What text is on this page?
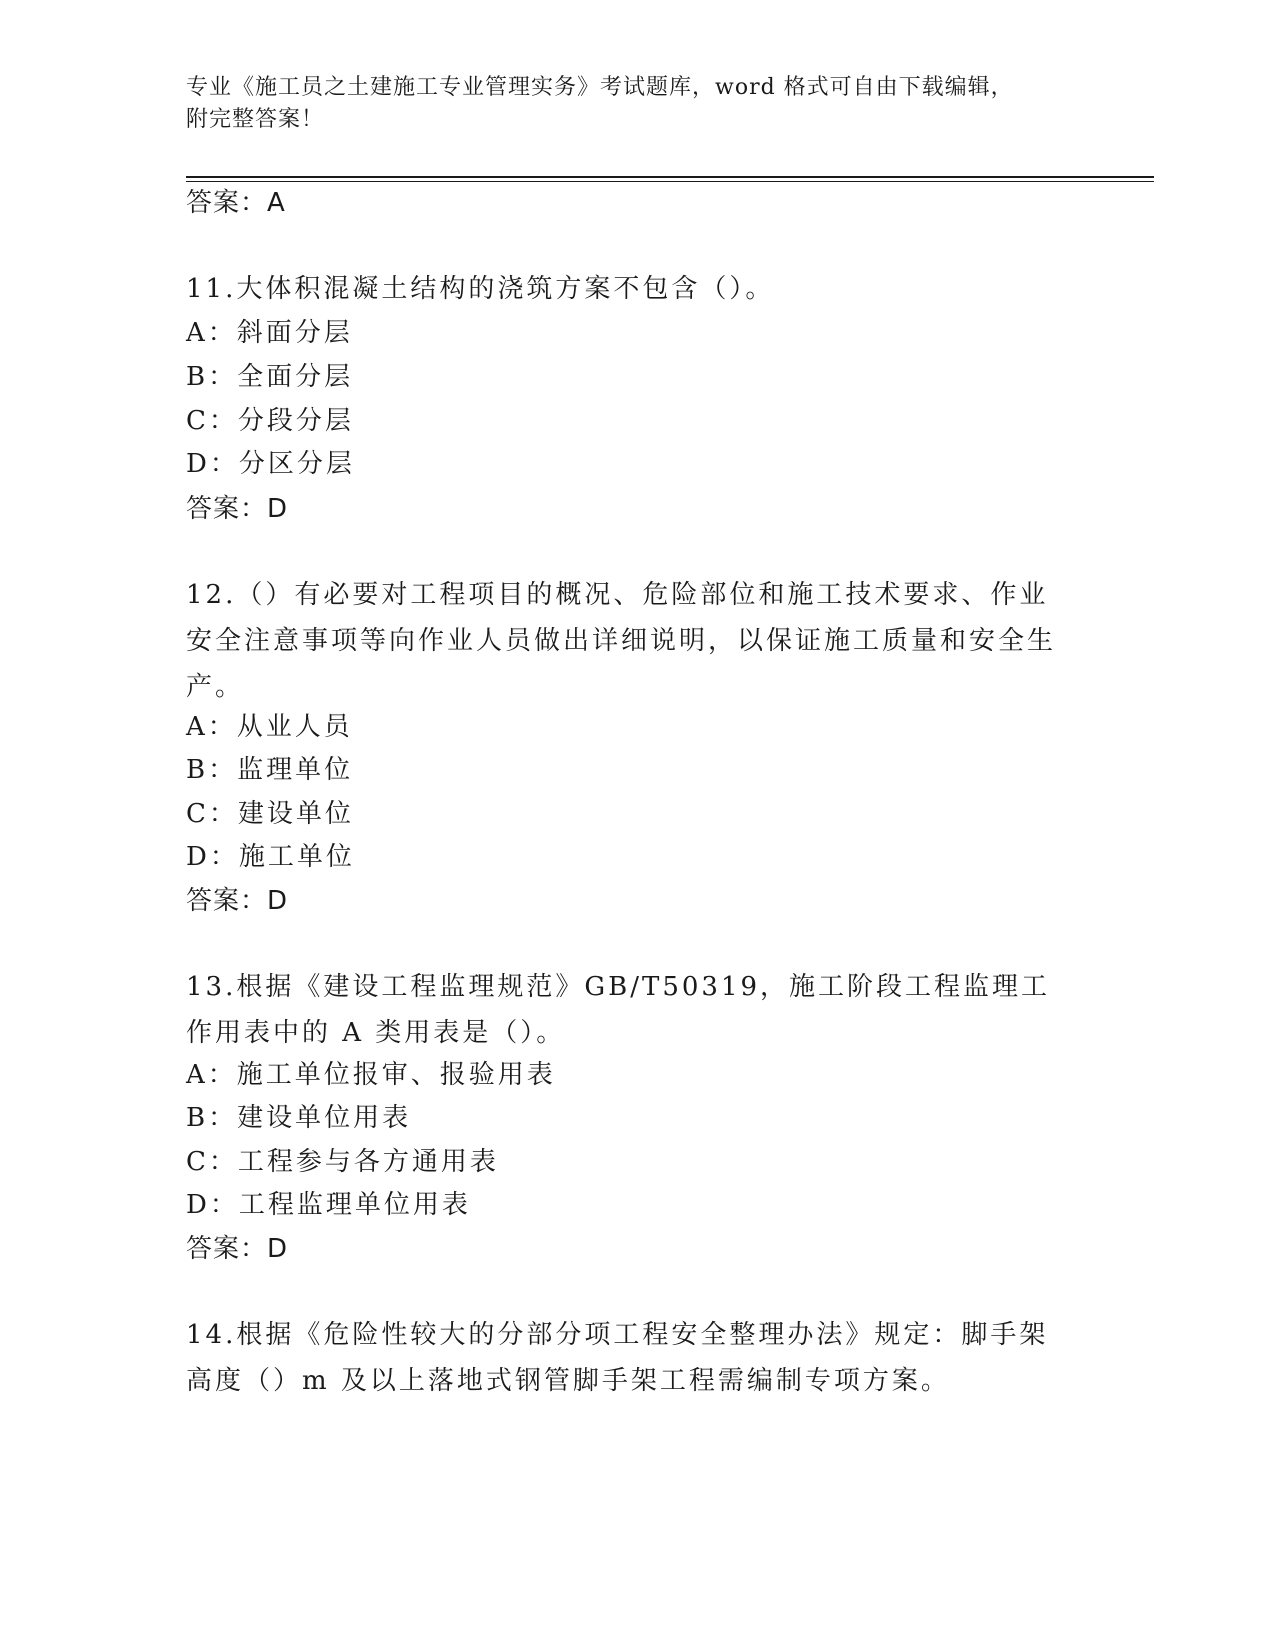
专业《施工员之土建施工专业管理实务》考试题库，word 格式可自由下载编辑，
附完整答案！
答案：A
11.大体积混凝土结构的浇筑方案不包含（）。
A：斜面分层
B：全面分层
C：分段分层
D：分区分层
答案：D
12.（）有必要对工程项目的概况、危险部位和施工技术要求、作业安全注意事项等向作业人员做出详细说明，以保证施工质量和安全生产。
A：从业人员
B：监理单位
C：建设单位
D：施工单位
答案：D
13.根据《建设工程监理规范》GB/T50319，施工阶段工程监理工作用表中的 A 类用表是（）。
A：施工单位报审、报验用表
B：建设单位用表
C：工程参与各方通用表
D：工程监理单位用表
答案：D
14.根据《危险性较大的分部分项工程安全整理办法》规定：脚手架高度（）m 及以上落地式钢管脚手架工程需编制专项方案。
